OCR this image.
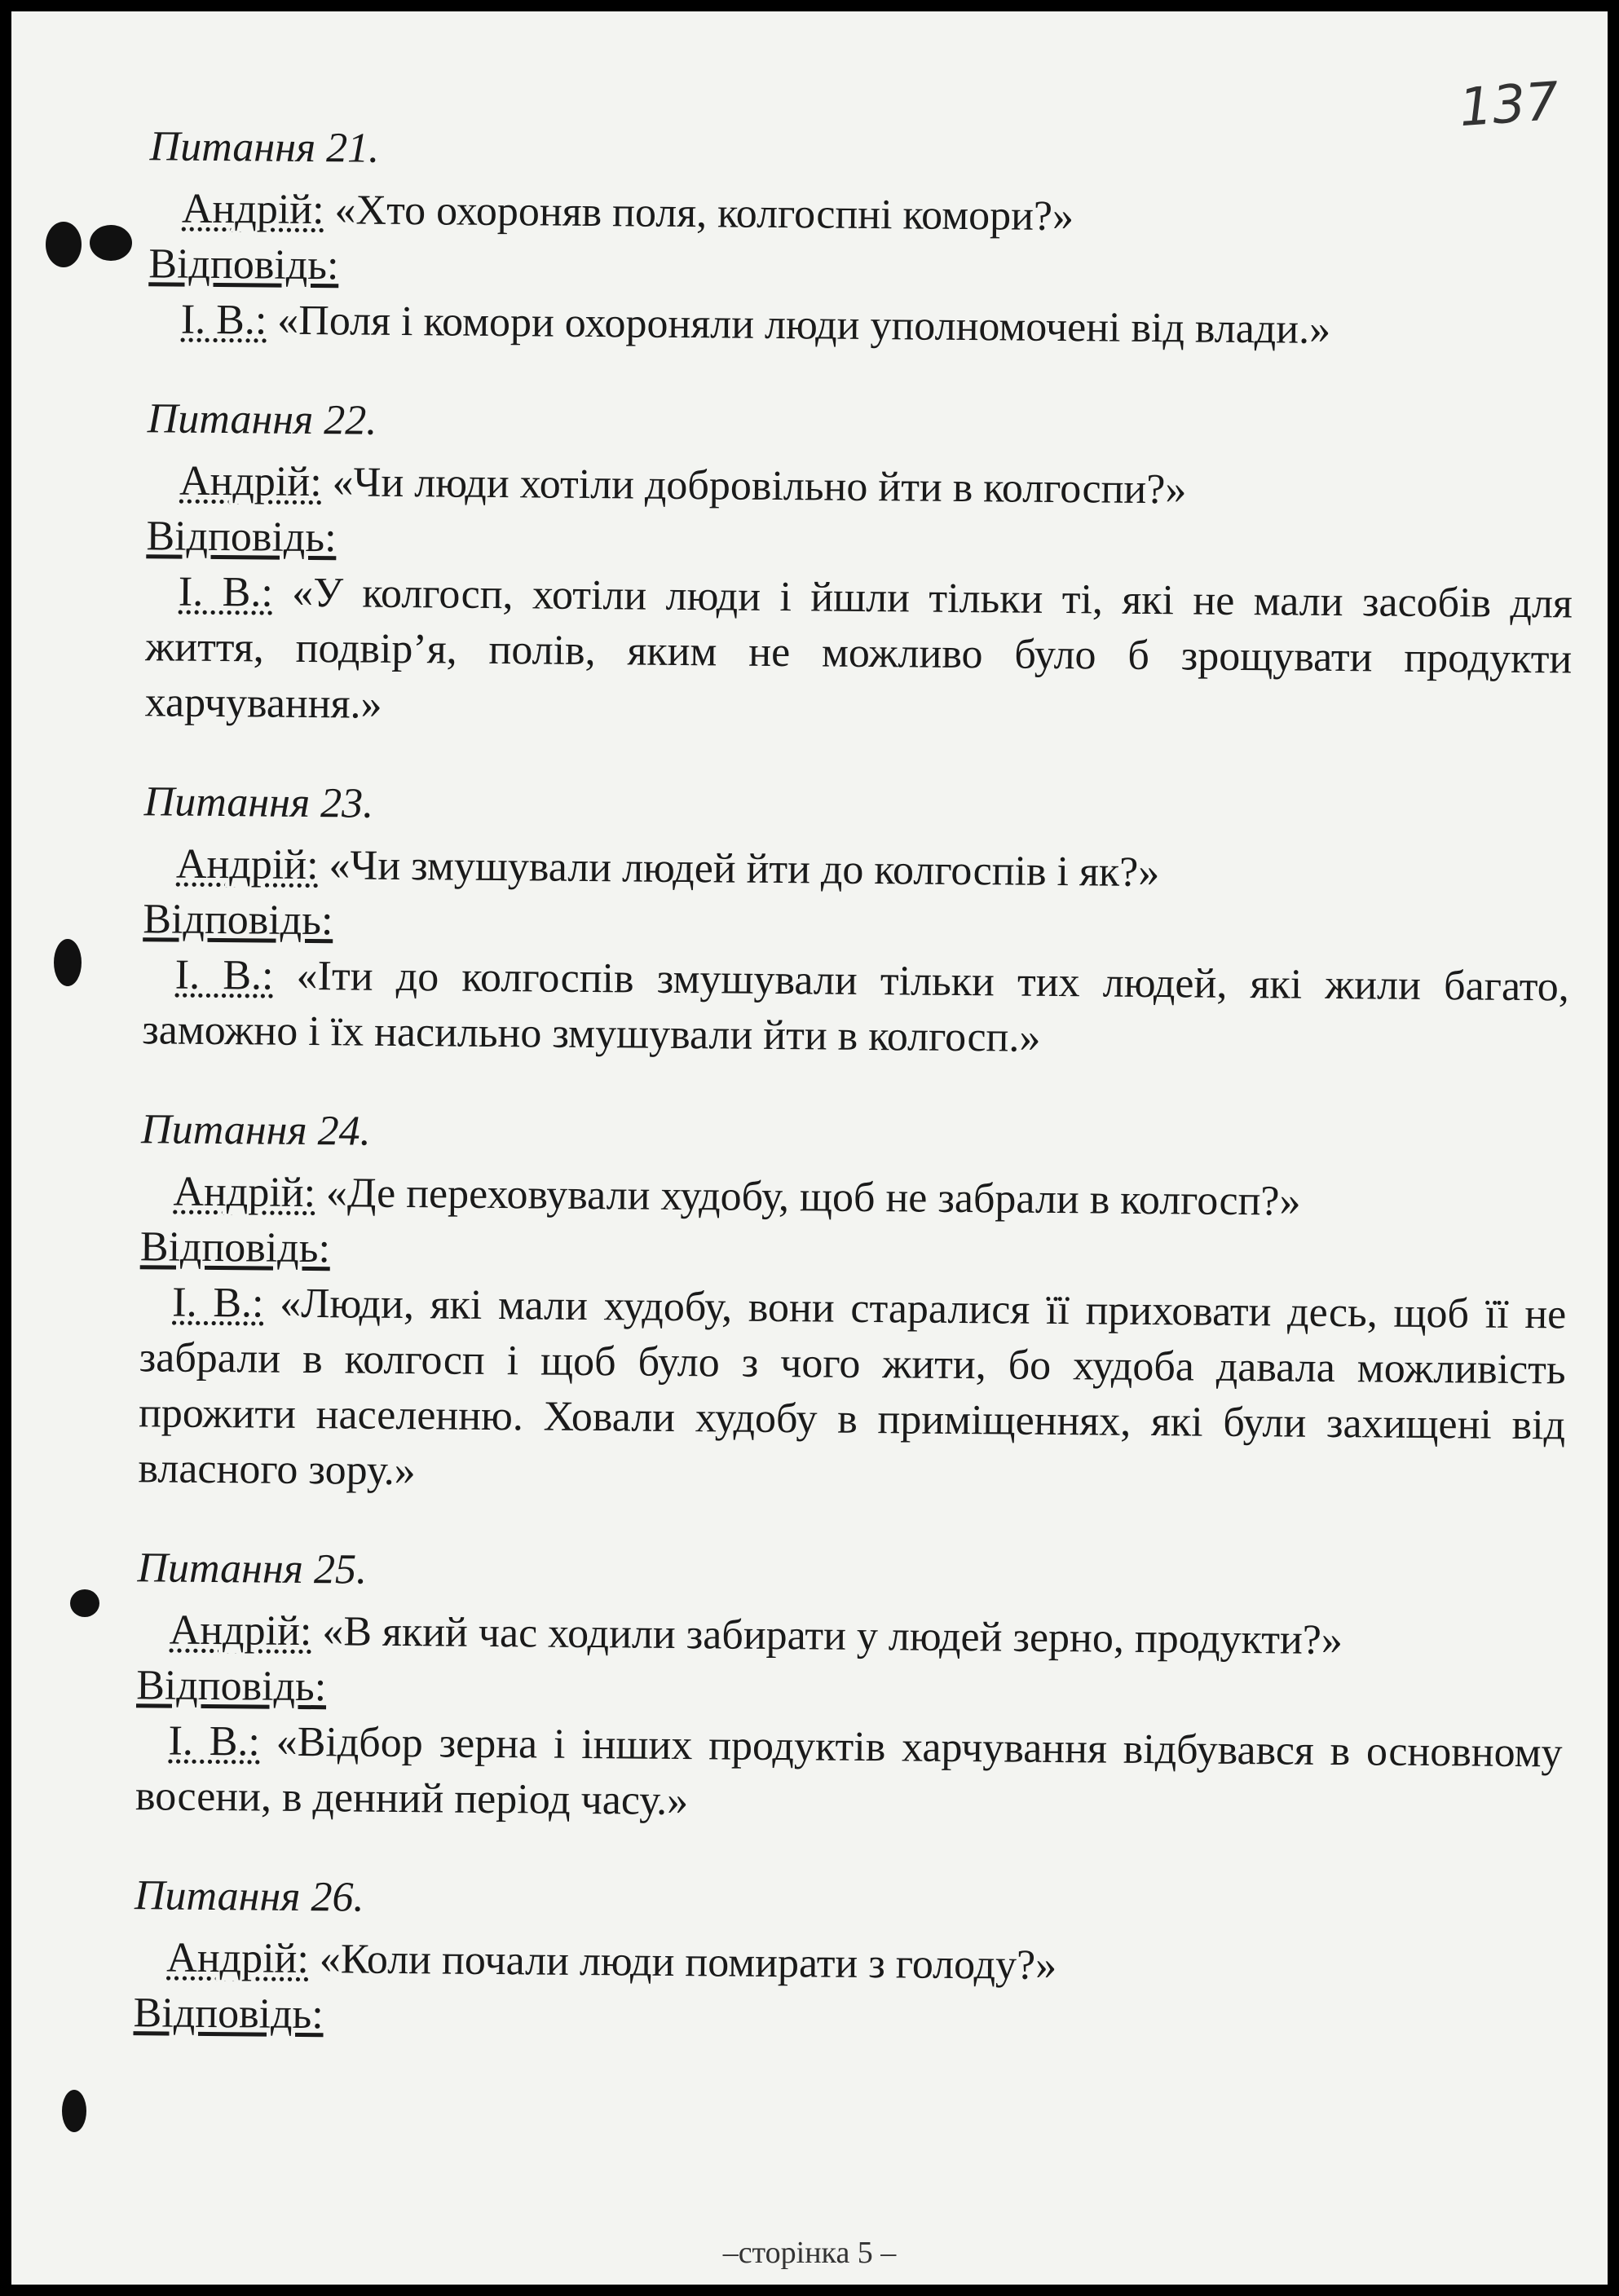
137
Питання 21.
Андрій: «Хто охороняв поля, колгоспні комори?»
Відповідь:
І. В.: «Поля і комори охороняли люди уполномочені від влади.»
Питання 22.
Андрій: «Чи люди хотіли добровільно йти в колгоспи?»
Відповідь:
І. В.: «У колгосп, хотіли люди і йшли тільки ті, які не мали засобів для життя, подвір’я, полів, яким не можливо було б зрощувати продукти харчування.»
Питання 23.
Андрій: «Чи змушували людей йти до колгоспів і як?»
Відповідь:
І. В.: «Іти до колгоспів змушували тільки тих людей, які жили багато, заможно і їх насильно змушували йти в колгосп.»
Питання 24.
Андрій: «Де переховували худобу, щоб не забрали в колгосп?»
Відповідь:
І. В.: «Люди, які мали худобу, вони старалися її приховати десь, щоб її не забрали в колгосп і щоб було з чого жити, бо худоба давала можливість прожити населенню. Ховали худобу в приміщеннях, які були захищені від власного зору.»
Питання 25.
Андрій: «В який час ходили забирати у людей зерно, продукти?»
Відповідь:
І. В.: «Відбор зерна і інших продуктів харчування відбувався в основному восени, в денний період часу.»
Питання 26.
Андрій: «Коли почали люди помирати з голоду?»
Відповідь:
–сторінка 5 –
